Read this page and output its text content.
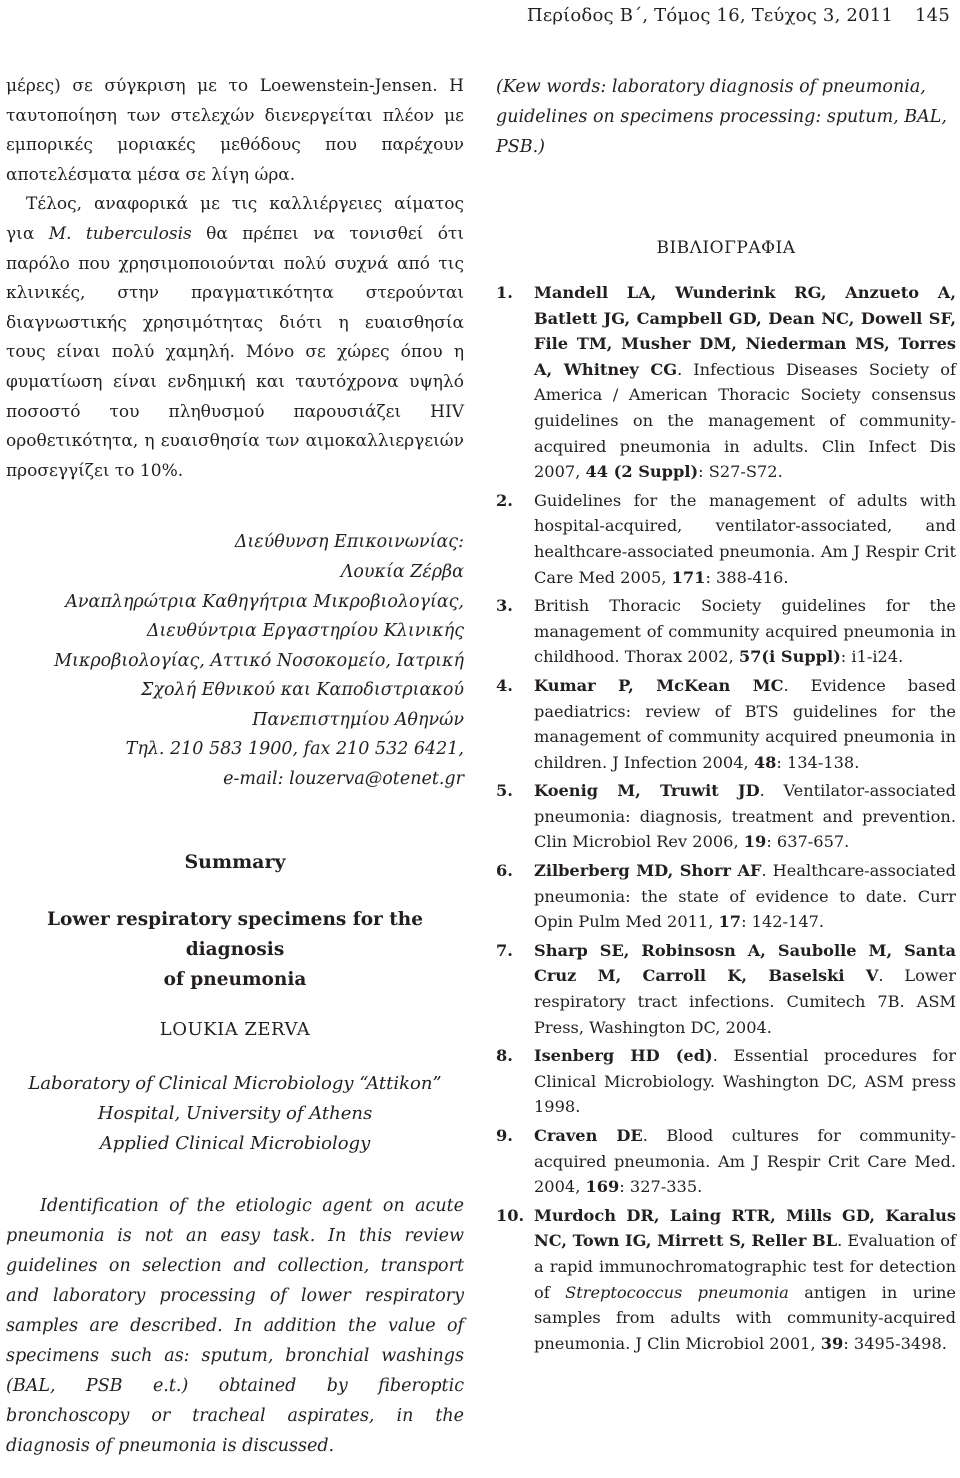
Περίοδος Β΄, Τόμος 16, Τεύχος 3, 2011 145

μέρες) σε σύγκριση με το Loewenstein-Jensen. Η ταυτοποίηση των στελεχών διενεργείται πλέον με εμπορικές μοριακές μεθόδους που παρέχουν αποτελέσματα μέσα σε λίγη ώρα.

Τέλος, αναφορικά με τις καλλιέργειες αίματος για M. tuberculosis θα πρέπει να τονισθεί ότι παρόλο που χρησιμοποιούνται πολύ συχνά από τις κλινικές, στην πραγματικότητα στερούνται διαγνωστικής χρησιμότητας διότι η ευαισθησία τους είναι πολύ χαμηλή. Μόνο σε χώρες όπου η φυματίωση είναι ενδημική και ταυτόχρονα υψηλό ποσοστό του πληθυσμού παρουσιάζει HIV οροθετικότητα, η ευαισθησία των αιμοκαλλιεργειών προσεγγίζει το 10%.

Διεύθυνση Επικοινωνίας:
Λουκία Ζέρβα
Αναπληρώτρια Καθηγήτρια Μικροβιολογίας,
Διευθύντρια Εργαστηρίου Κλινικής
Μικροβιολογίας, Αττικό Νοσοκομείο, Ιατρική
Σχολή Εθνικού και Καποδιστριακού
Πανεπιστημίου Αθηνών
Τηλ. 210 583 1900, fax 210 532 6421,
e-mail: louzerva@otenet.gr
Summary
Lower respiratory specimens for the diagnosis
of pneumonia
LOUKIA ZERVA
Laboratory of Clinical Microbiology “Attikon”
Hospital, University of Athens
Applied Clinical Microbiology

Identification of the etiologic agent on acute pneumonia is not an easy task. In this review guidelines on selection and collection, transport and laboratory processing of lower respiratory samples are described. In addition the value of specimens such as: sputum, bronchial washings (BAL, PSB e.t.) obtained by fiberoptic bronchoscopy or tracheal aspirates, in the diagnosis of pneumonia is discussed.

(Kew words: laboratory diagnosis of pneumonia, guidelines on specimens processing: sputum, BAL, PSB.)

ΒΙΒΛΙΟΓΡΑΦΙΑ
1.	Mandell LA, Wunderink RG, Anzueto A, Batlett JG, Campbell GD, Dean NC, Dowell SF, File TM, Musher DM, Niederman MS, Torres A, Whitney CG. Infectious Diseases Society of America / American Thoracic Society consensus guidelines on the management of community-acquired pneumonia in adults. Clin Infect Dis 2007, 44 (2 Suppl): S27-S72.
2.	Guidelines for the management of adults with hospital-acquired, ventilator-associated, and healthcare-associated pneumonia. Am J Respir Crit Care Med 2005, 171: 388-416.
3.	British Thoracic Society guidelines for the management of community acquired pneumonia in childhood. Thorax 2002, 57(i Suppl): i1-i24.
4.	Kumar P, McKean MC. Evidence based paediatrics: review of BTS guidelines for the management of community acquired pneumonia in children. J Infection 2004, 48: 134-138.
5.	Koenig M, Truwit JD. Ventilator-associated pneumonia: diagnosis, treatment and prevention. Clin Microbiol Rev 2006, 19: 637-657.
6.	Zilberberg MD, Shorr AF. Healthcare-associated pneumonia: the state of evidence to date. Curr Opin Pulm Med 2011, 17: 142-147.
7.	Sharp SE, Robinsosn A, Saubolle M, Santa Cruz M, Carroll K, Baselski V. Lower respiratory tract infections. Cumitech 7B. ASM Press, Washington DC, 2004.
8.	Isenberg HD (ed). Essential procedures for Clinical Microbiology. Washington DC, ASM press 1998.
9.	Craven DE. Blood cultures for community-acquired pneumonia. Am J Respir Crit Care Med. 2004, 169: 327-335.
10. Murdoch DR, Laing RTR, Mills GD, Karalus NC, Town IG, Mirrett S, Reller BL. Evaluation of a rapid immunochromatographic test for detection of Streptococcus pneumonia antigen in urine samples from adults with community-acquired pneumonia. J Clin Microbiol 2001, 39: 3495-3498.
